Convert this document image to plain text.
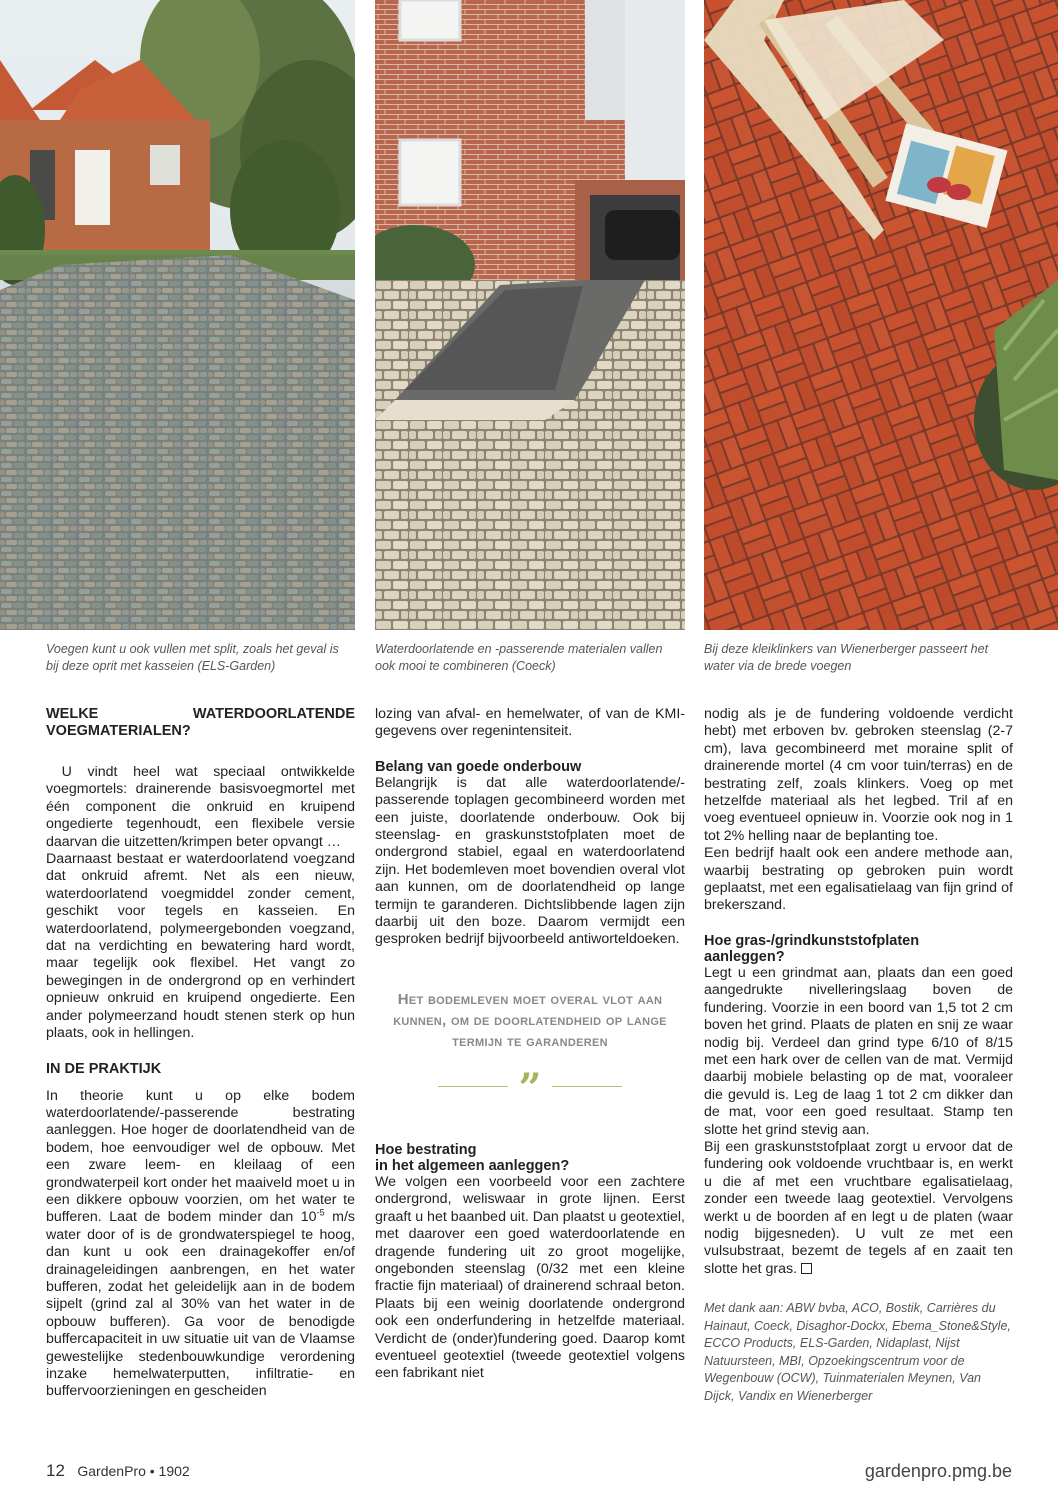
Voegen kunt u ook vullen met split, zoals het geval is bij deze oprit met kasseien (ELS-Garden)
Waterdoorlatende en -passerende materialen vallen ook mooi te combineren (Coeck)
Bij deze kleiklinkers van Wienerberger passeert het water via de brede voegen
WELKE WATERDOORLATENDE VOEGMATERIALEN?

U vindt heel wat speciaal ontwikkelde voegmortels: drainerende basisvoegmortel met één component die onkruid en kruipend ongedierte tegenhoudt, een flexibele versie daarvan die uitzetten/krimpen beter opvangt …

Daarnaast bestaat er waterdoorlatend voegzand dat onkruid afremt. Net als een nieuw, waterdoorlatend voegmiddel zonder cement, geschikt voor tegels en kasseien. En waterdoorlatend, polymeergebonden voegzand, dat na verdichting en bewatering hard wordt, maar tegelijk ook flexibel. Het vangt zo bewegingen in de ondergrond op en verhindert opnieuw onkruid en kruipend ongedierte. Een ander polymeerzand houdt stenen sterk op hun plaats, ook in hellingen.

IN DE PRAKTIJK

In theorie kunt u op elke bodem waterdoorlatende/-passerende bestrating aanleggen. Hoe hoger de doorlatendheid van de bodem, hoe eenvoudiger wel de opbouw. Met een zware leem- en kleilaag of een grondwaterpeil kort onder het maaiveld moet u in een dikkere opbouw voorzien, om het water te bufferen. Laat de bodem minder dan $10^{-5}$ m/s water door of is de grondwaterspiegel te hoog, dan kunt u ook een drainagekoffer en/of drainageleidingen aanbrengen, en het water bufferen, zodat het geleidelijk aan in de bodem sijpelt (grind zal al 30% van het water in de opbouw bufferen). Ga voor de benodigde buffercapaciteit in uw situatie uit van de Vlaamse gewestelijke stedenbouwkundige verordening inzake hemelwaterputten, infiltratie- en buffervoorzieningen en gescheiden

lozing van afval- en hemelwater, of van de KMI-gegevens over regenintensiteit.

Belang van goede onderbouw

Belangrijk is dat alle waterdoorlatende/-passerende toplagen gecombineerd worden met een juiste, doorlatende onderbouw. Ook bij steenslag- en graskunststofplaten moet de ondergrond stabiel, egaal en waterdoorlatend zijn. Het bodemleven moet bovendien overal vlot aan kunnen, om de doorlatendheid op lange termijn te garanderen. Dichtslibbende lagen zijn daarbij uit den boze. Daarom vermijdt een gesproken bedrijf bijvoorbeeld antiworteldoeken.

Het bodemleven moet overal vlot aan kunnen, om de doorlatendheid op lange termijn te garanderen
”
Hoe bestrating
in het algemeen aanleggen?

We volgen een voorbeeld voor een zachtere ondergrond, weliswaar in grote lijnen. Eerst graaft u het baanbed uit. Dan plaatst u geotextiel, met daarover een goed waterdoorlatende en dragende fundering uit zo groot mogelijke, ongebonden steenslag (0/32 met een kleine fractie fijn materiaal) of drainerend schraal beton. Plaats bij een weinig doorlatende ondergrond ook een onderfundering in hetzelfde materiaal. Verdicht de (onder)fundering goed. Daarop komt eventueel geotextiel (tweede geotextiel volgens een fabrikant niet

nodig als je de fundering voldoende verdicht hebt) met erboven bv. gebroken steenslag (2-7 cm), lava gecombineerd met moraine split of drainerende mortel (4 cm voor tuin/terras) en de bestrating zelf, zoals klinkers. Voeg op met hetzelfde materiaal als het legbed. Tril af en voeg eventueel opnieuw in. Voorzie ook nog in 1 tot 2% helling naar de beplanting toe.

Een bedrijf haalt ook een andere methode aan, waarbij bestrating op gebroken puin wordt geplaatst, met een egalisatielaag van fijn grind of brekerszand.

Hoe gras-/grindkunststofplaten aanleggen?

Legt u een grindmat aan, plaats dan een goed aangedrukte nivelleringslaag boven de fundering. Voorzie in een boord van 1,5 tot 2 cm boven het grind. Plaats de platen en snij ze waar nodig bij. Verdeel dan grind type 6/10 of 8/15 met een hark over de cellen van de mat. Vermijd daarbij mobiele belasting op de mat, vooraleer die gevuld is. Leg de laag 1 tot 2 cm dikker dan de mat, voor een goed resultaat. Stamp ten slotte het grind stevig aan.

Bij een graskunststofplaat zorgt u ervoor dat de fundering ook voldoende vruchtbaar is, en werkt u die af met een vruchtbare egalisatielaag, zonder een tweede laag geotextiel. Vervolgens werkt u de boorden af en legt u de platen (waar nodig bijgesneden). U vult ze met een vulsubstraat, bezemt de tegels af en zaait ten slotte het gras.

Met dank aan: ABW bvba, ACO, Bostik, Carrières du Hainaut, Coeck, Disaghor-Dockx, Ebema_Stone&Style, ECCO Products, ELS-Garden, Nidaplast, Nijst Natuursteen, MBI, Opzoekingscentrum voor de Wegenbouw (OCW), Tuinmaterialen Meynen, Van Dijck, Vandix en Wienerberger
12 GardenPro • 1902	gardenpro.pmg.be
